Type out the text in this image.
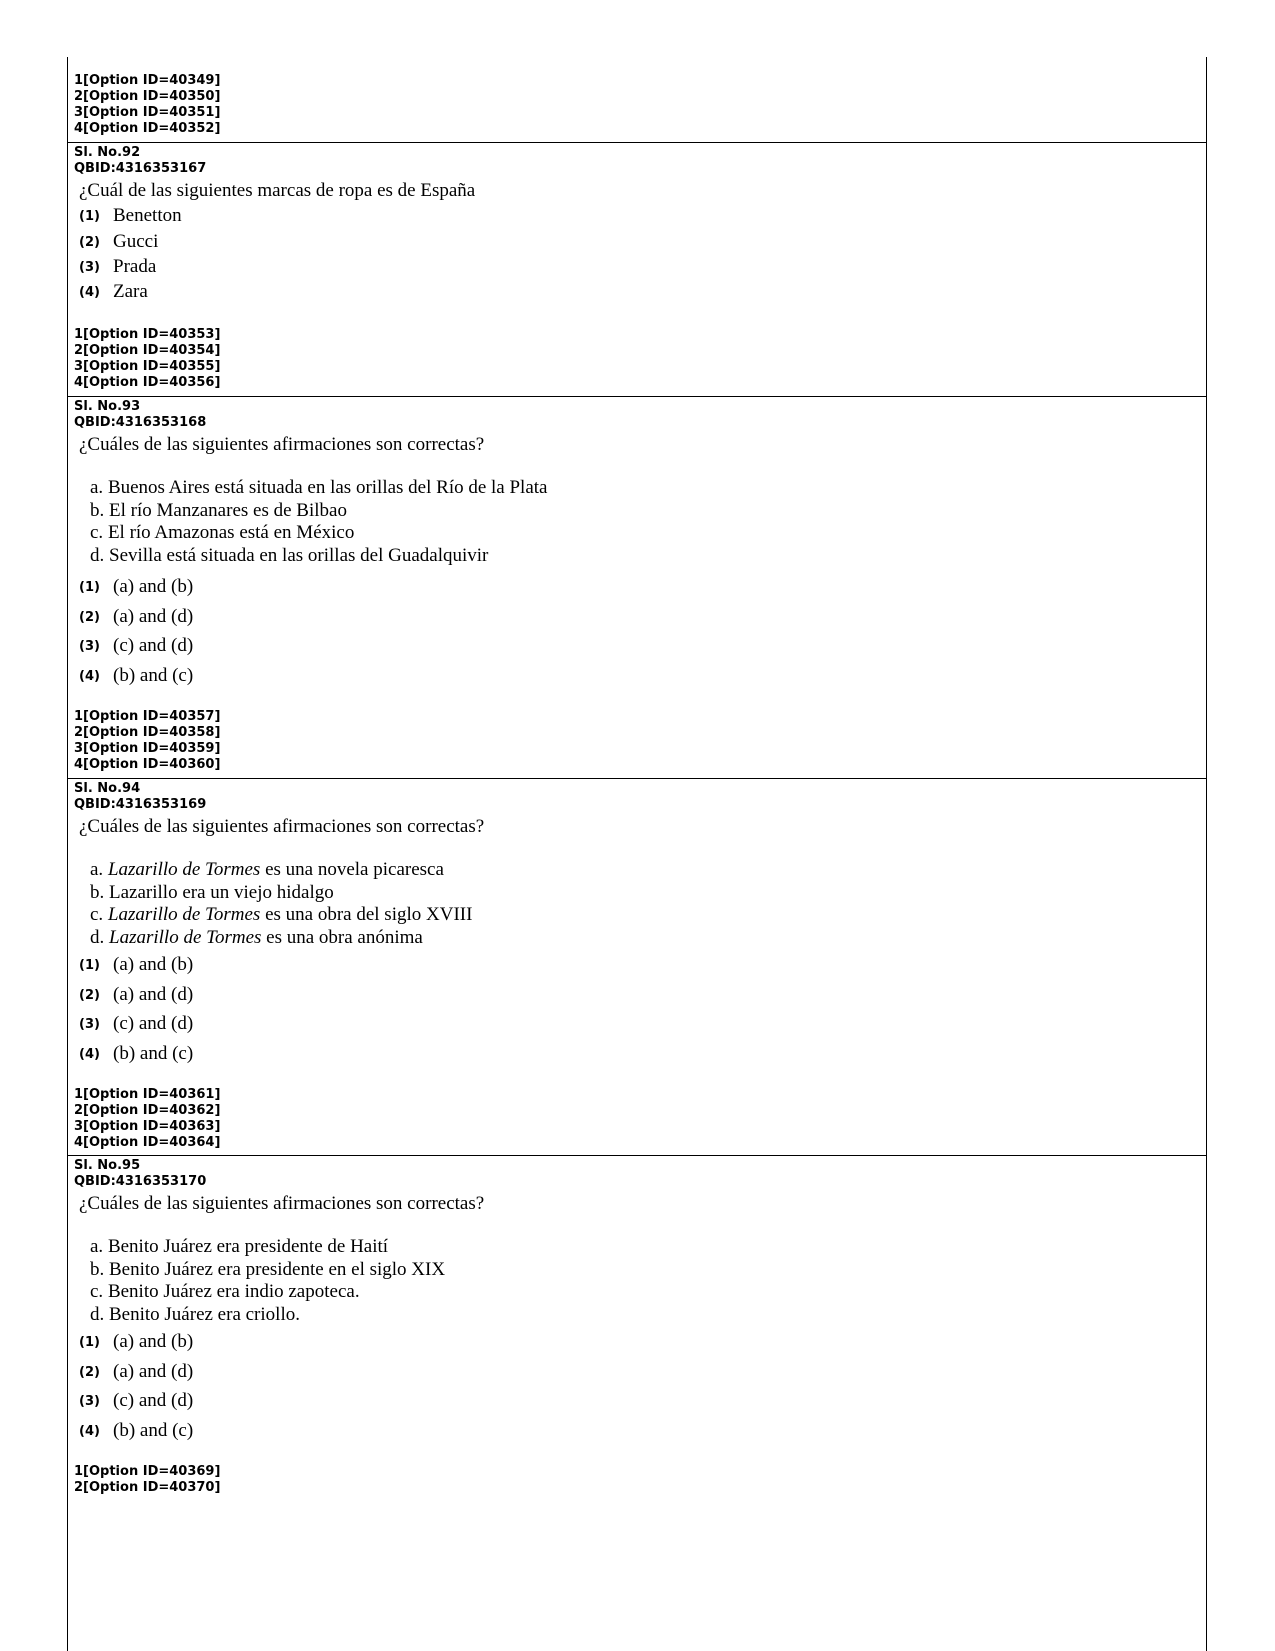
1[Option ID=40349]
2[Option ID=40350]
3[Option ID=40351]
4[Option ID=40352]
Sl. No.92
QBID:4316353167
¿Cuál de las siguientes marcas de ropa es de España
(1) Benetton
(2) Gucci
(3) Prada
(4) Zara
1[Option ID=40353]
2[Option ID=40354]
3[Option ID=40355]
4[Option ID=40356]
Sl. No.93
QBID:4316353168
¿Cuáles de las siguientes afirmaciones son correctas?
a. Buenos Aires está situada en las orillas del Río de la Plata
b. El río Manzanares es de Bilbao
c. El río Amazonas está en México
d. Sevilla está situada en las orillas del Guadalquivir
(1) (a) and (b)
(2) (a) and (d)
(3) (c) and (d)
(4) (b) and (c)
1[Option ID=40357]
2[Option ID=40358]
3[Option ID=40359]
4[Option ID=40360]
Sl. No.94
QBID:4316353169
¿Cuáles de las siguientes afirmaciones son correctas?
a. Lazarillo de Tormes es una novela picaresca
b. Lazarillo era un viejo hidalgo
c. Lazarillo de Tormes es una obra del siglo XVIII
d. Lazarillo de Tormes es una obra anónima
(1) (a) and (b)
(2) (a) and (d)
(3) (c) and (d)
(4) (b) and (c)
1[Option ID=40361]
2[Option ID=40362]
3[Option ID=40363]
4[Option ID=40364]
Sl. No.95
QBID:4316353170
¿Cuáles de las siguientes afirmaciones son correctas?
a. Benito Juárez era presidente de Haití
b. Benito Juárez era presidente en el siglo XIX
c. Benito Juárez era indio zapoteca.
d. Benito Juárez era criollo.
(1) (a) and (b)
(2) (a) and (d)
(3) (c) and (d)
(4) (b) and (c)
1[Option ID=40369]
2[Option ID=40370]
